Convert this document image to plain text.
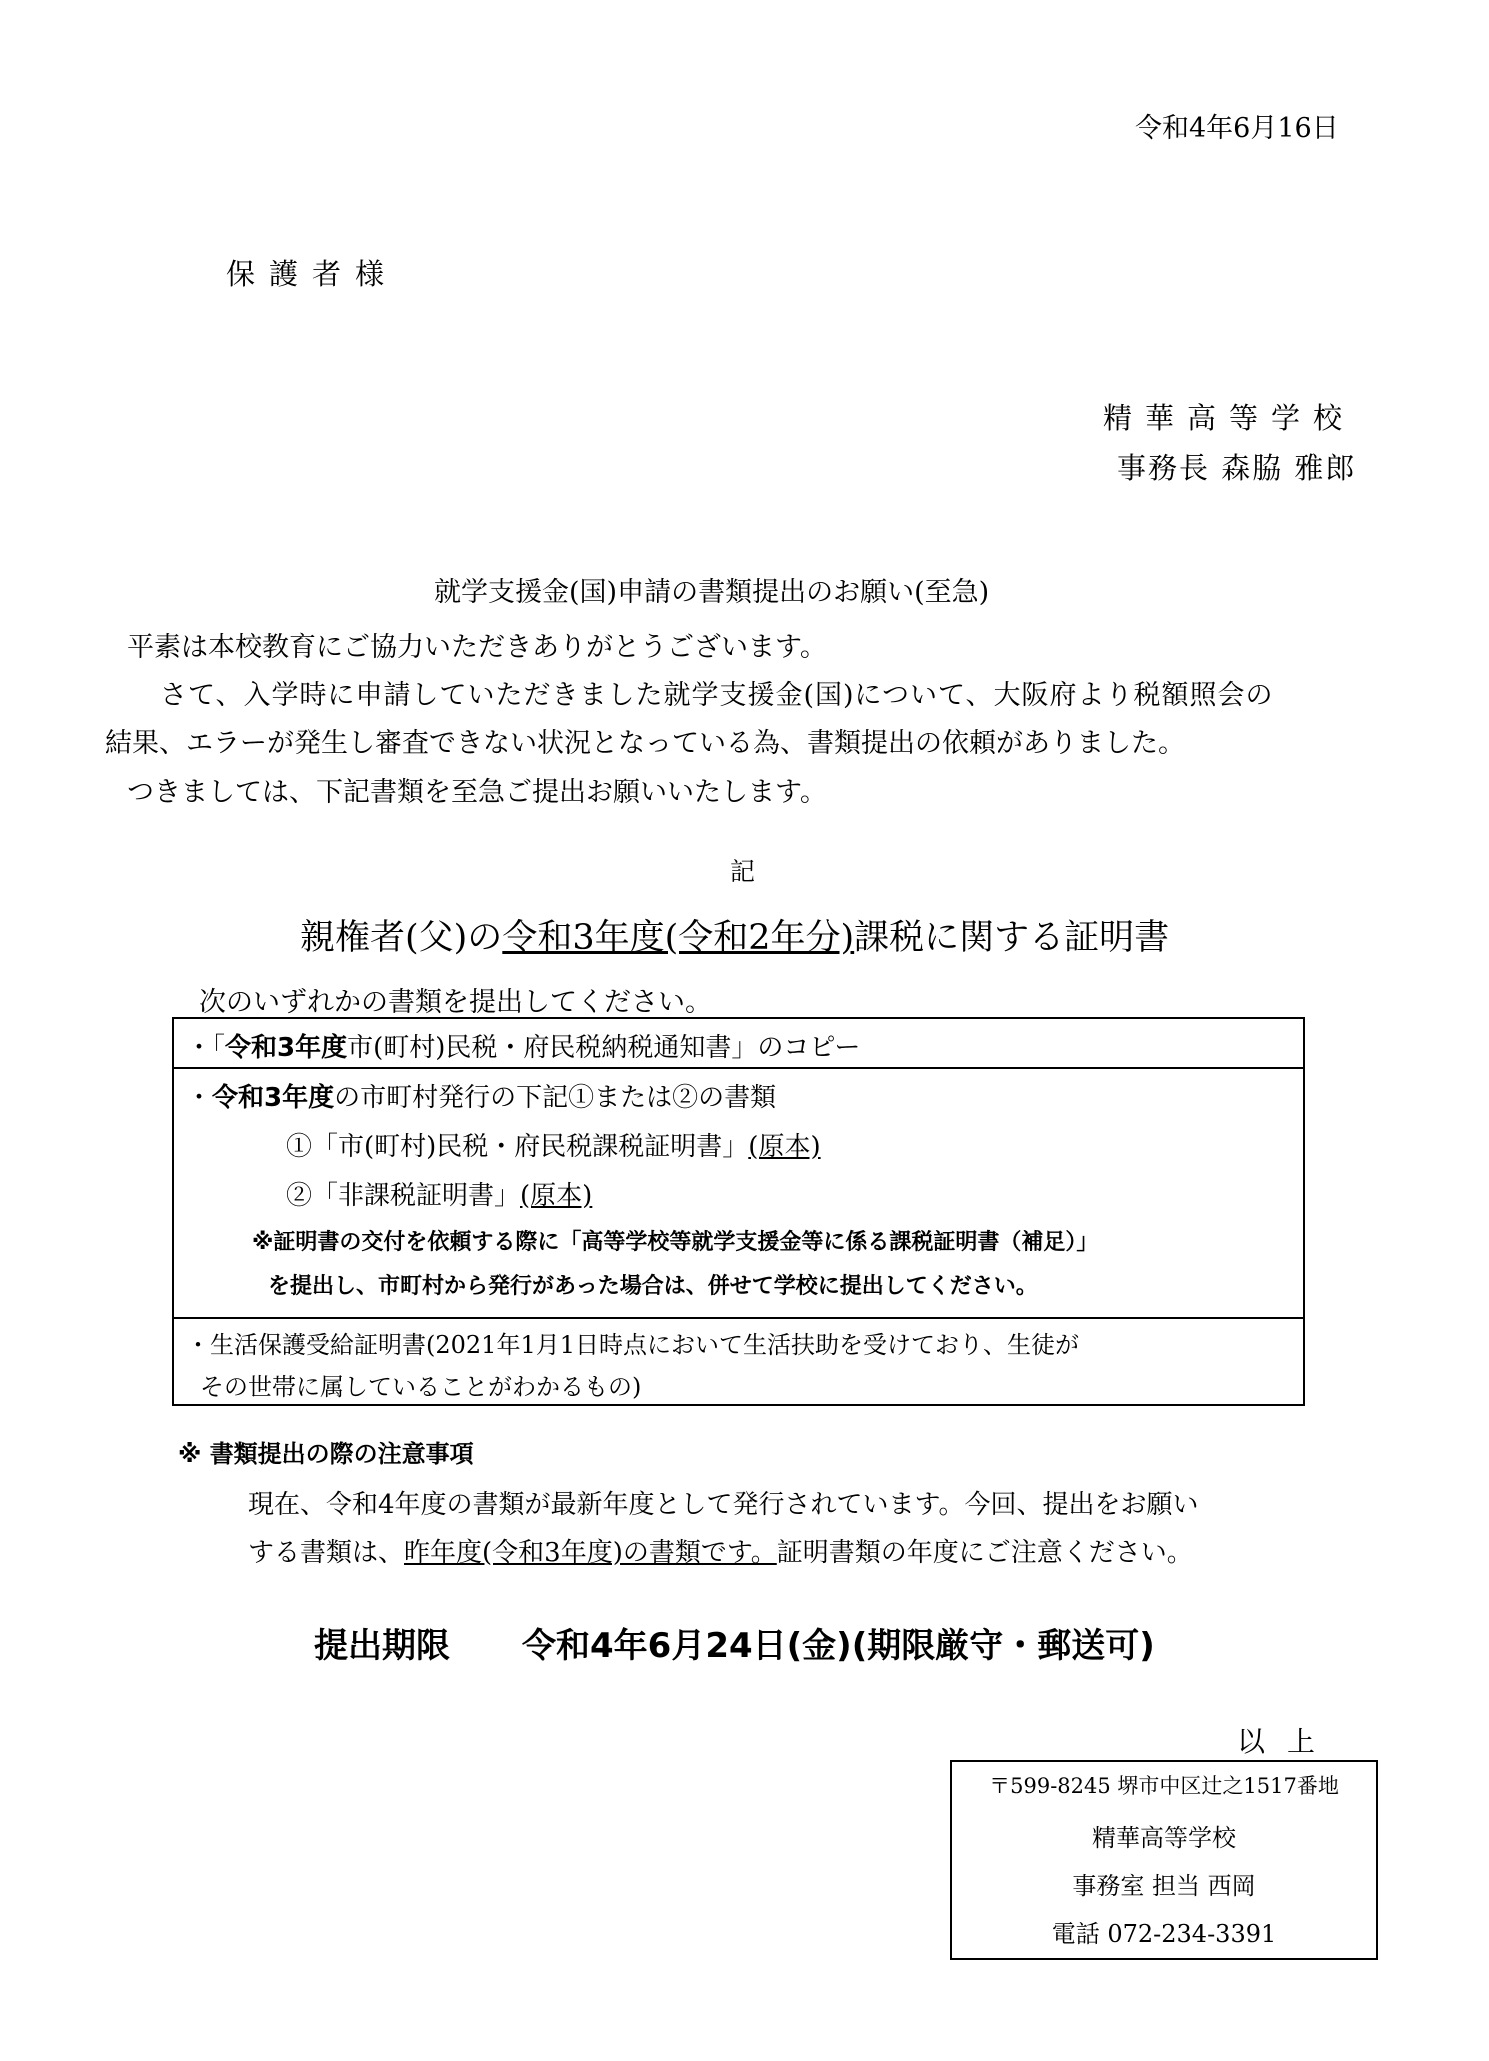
令和4年6月16日
保護者様
精華高等学校
事務長 森脇 雅郎
就学支援金(国)申請の書類提出のお願い(至急)
平素は本校教育にご協力いただきありがとうございます。
さて、入学時に申請していただきました就学支援金(国)について、大阪府より税額照会の
結果、エラーが発生し審査できない状況となっている為、書類提出の依頼がありました。
つきましては、下記書類を至急ご提出お願いいたします。
記
親権者(父)の令和3年度(令和2年分)課税に関する証明書
次のいずれかの書類を提出してください。
・「令和3年度市(町村)民税・府民税納税通知書」のコピー
・令和3年度の市町村発行の下記①または②の書類
①「市(町村)民税・府民税課税証明書」(原本)
②「非課税証明書」(原本)
※証明書の交付を依頼する際に「高等学校等就学支援金等に係る課税証明書（補足）」
を提出し、市町村から発行があった場合は、併せて学校に提出してください。
・生活保護受給証明書(2021年1月1日時点において生活扶助を受けており、生徒が
その世帯に属していることがわかるもの)
※ 書類提出の際の注意事項
現在、令和4年度の書類が最新年度として発行されています。今回、提出をお願い
する書類は、昨年度(令和3年度)の書類です。証明書類の年度にご注意ください。
提出期限 令和4年6月24日(金)(期限厳守・郵送可)
以上
〒599-8245 堺市中区辻之1517番地
精華高等学校
事務室 担当 西岡
電話 072-234-3391
